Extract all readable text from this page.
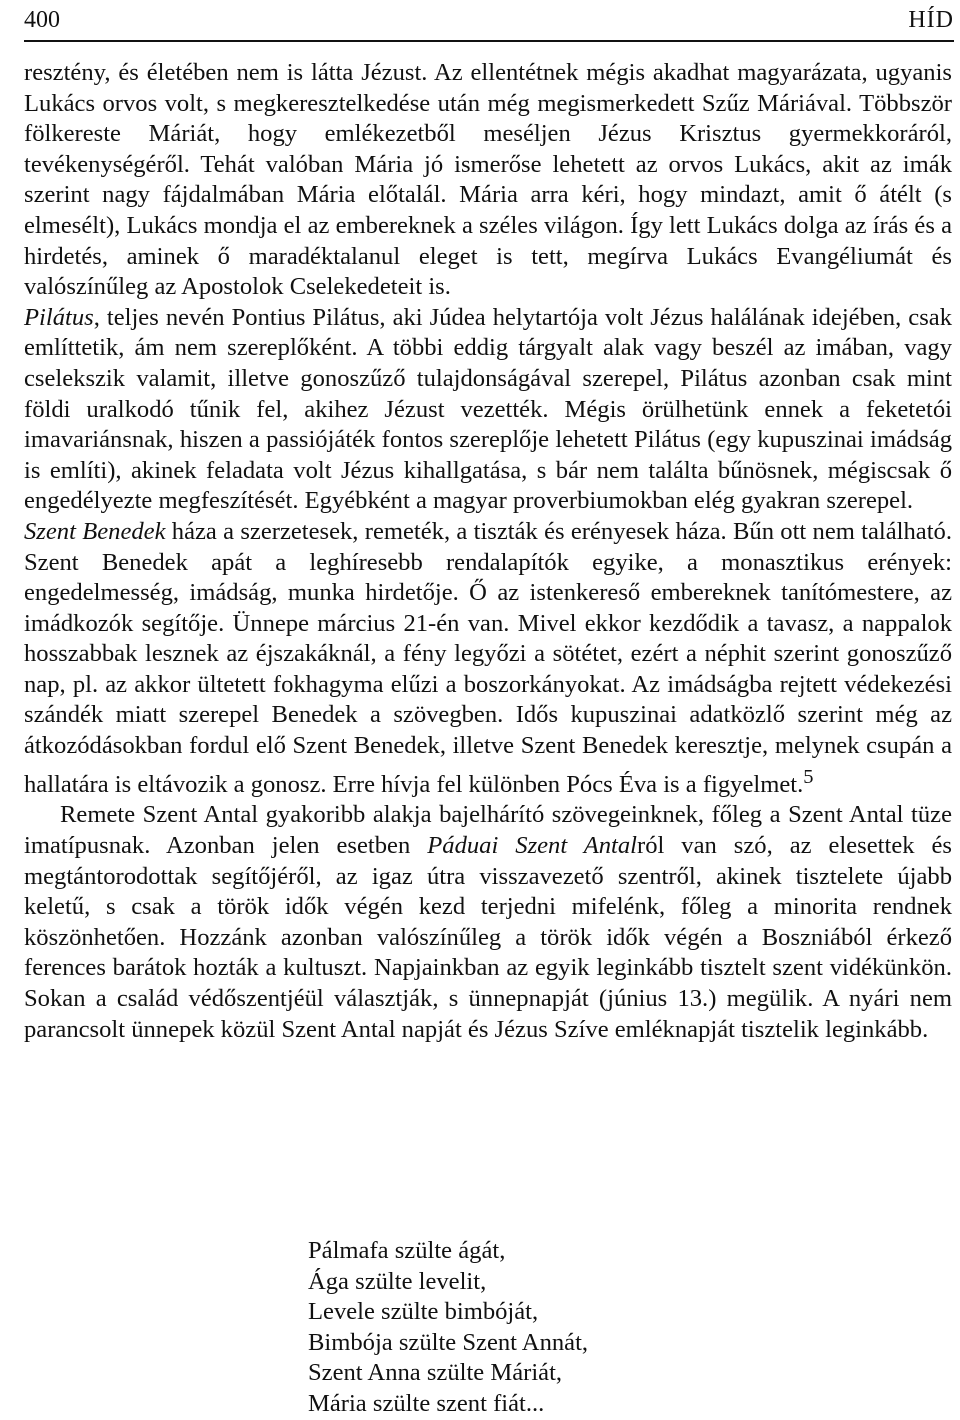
400	HÍD

resztény, és életében nem is látta Jézust. Az ellentétnek mégis akadhat magyarázata, ugyanis Lukács orvos volt, s megkeresztelkedése után még megismerkedett Szűz Máriával. Többször fölkereste Máriát, hogy emlékezetből meséljen Jézus Krisztus gyermekkoráról, tevékenységéről. Tehát valóban Mária jó ismerőse lehetett az orvos Lukács, akit az imák szerint nagy fájdalmában Mária előtalál. Mária arra kéri, hogy mindazt, amit ő átélt (s elmesélt), Lukács mondja el az embereknek a széles világon. Így lett Lukács dolga az írás és a hirdetés, aminek ő maradéktalanul eleget is tett, megírva Lukács Evangéliumát és valószínűleg az Apostolok Cselekedeteit is.

Pilátus, teljes nevén Pontius Pilátus, aki Júdea helytartója volt Jézus halálának idejében, csak említtetik, ám nem szereplőként. A többi eddig tárgyalt alak vagy beszél az imában, vagy cselekszik valamit, illetve gonoszűző tulajdonságával szerepel, Pilátus azonban csak mint földi uralkodó tűnik fel, akihez Jézust vezették. Mégis örülhetünk ennek a feketetói imavariánsnak, hiszen a passiójáték fontos szereplője lehetett Pilátus (egy kupuszinai imádság is említi), akinek feladata volt Jézus kihallgatása, s bár nem találta bűnösnek, mégiscsak ő engedélyezte megfeszítését. Egyébként a magyar proverbiumokban elég gyakran szerepel.

Szent Benedek háza a szerzetesek, remeték, a tiszták és erényesek háza. Bűn ott nem található. Szent Benedek apát a leghíresebb rendalapítók egyike, a monasztikus erények: engedelmesség, imádság, munka hirdetője. Ő az istenkereső embereknek tanítómestere, az imádkozók segítője. Ünnepe március 21-én van. Mivel ekkor kezdődik a tavasz, a nappalok hosszabbak lesznek az éjszakáknál, a fény legyőzi a sötétet, ezért a néphit szerint gonoszűző nap, pl. az akkor ültetett fokhagyma elűzi a boszorkányokat. Az imádságba rejtett védekezési szándék miatt szerepel Benedek a szövegben. Idős kupuszinai adatközlő szerint még az átkozódásokban fordul elő Szent Benedek, illetve Szent Benedek keresztje, melynek csupán a hallatára is eltávozik a gonosz. Erre hívja fel különben Pócs Éva is a figyelmet.$^5$

Remete Szent Antal gyakoribb alakja bajelhárító szövegeinknek, főleg a Szent Antal tüze imatípusnak. Azonban jelen esetben Páduai Szent Antalról van szó, az elesettek és megtántorodottak segítőjéről, az igaz útra visszavezető szentről, akinek tisztelete újabb keletű, s csak a török idők végén kezd terjedni mifelénk, főleg a minorita rendnek köszönhetően. Hozzánk azonban valószínűleg a török idők végén a Boszniából érkező ferences barátok hozták a kultuszt. Napjainkban az egyik leginkább tisztelt szent vidékünkön. Sokan a család védőszentjéül választják, s ünnepnapját (június 13.) megülik. A nyári nem parancsolt ünnepek közül Szent Antal napját és Jézus Szíve emléknapját tisztelik leginkább.

Pálmafa szülte ágát,
Ága szülte levelit,
Levele szülte bimbóját,
Bimbója szülte Szent Annát,
Szent Anna szülte Máriát,
Mária szülte szent fiát...
